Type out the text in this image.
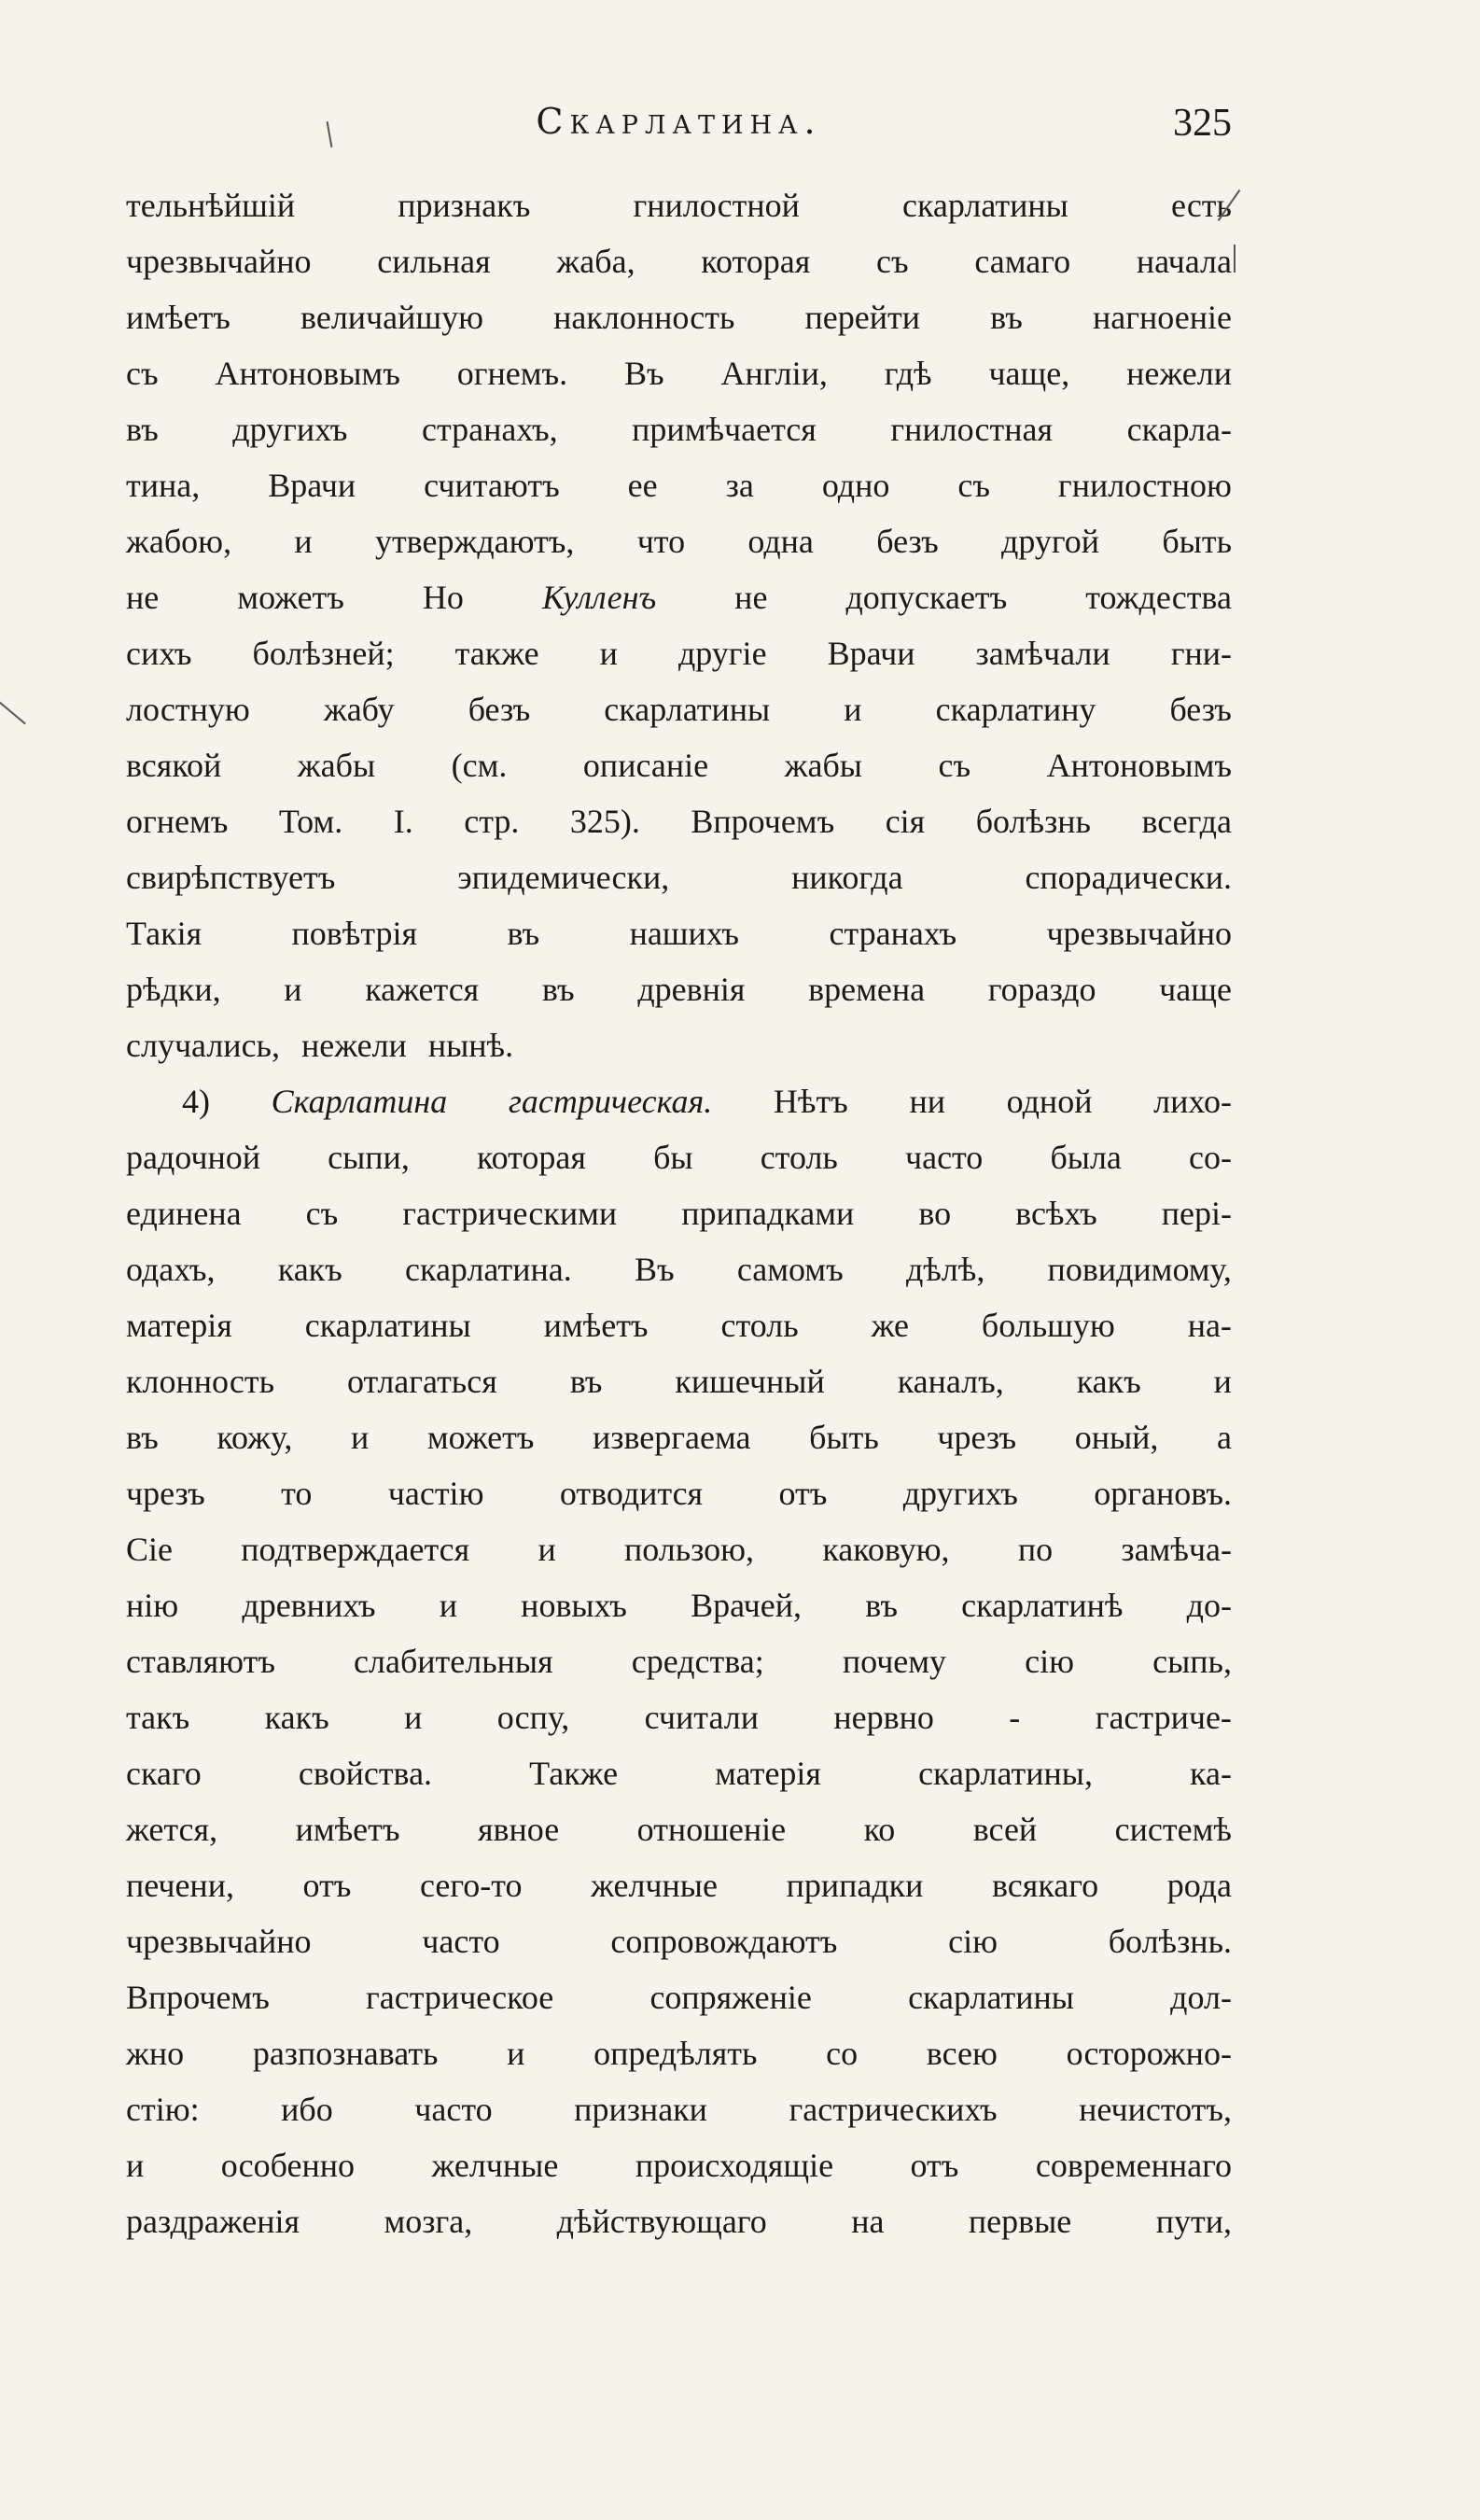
Скарлатина.	325
тельнѣйшій	признакъ	гнилостной	скарлатины	есть
чрезвычайно сильная жаба, которая съ самаго начала
имѣетъ величайшую наклонность перейти въ нагноеніе
съ Антоновымъ огнемъ. Въ Англіи, гдѣ чаще, нежели
въ другихъ странахъ, примѣчается гнилостная скарла-
тина, Врачи считаютъ ее за одно съ гнилостною
жабою, и утверждаютъ, что одна безъ другой быть
не можетъ Но Кулленъ не допускаетъ тождества
сихъ болѣзней; также и другіе Врачи замѣчали гни-
лостную жабу безъ скарлатины и скарлатину безъ
всякой жабы (см. описаніе жабы съ Антоновымъ
огнемъ Том. I. стр. 325). Впрочемъ сія болѣзнь всегда
свирѣпствуетъ	эпидемически,	никогда	спорадически.
Такія	повѣтрія	въ	нашихъ	странахъ	чрезвычайно
рѣдки, и кажется въ древнія времена гораздо чаще
случались, нежели нынѣ.
4) Скарлатина гастрическая. Нѣтъ ни одной лихо-
радочной сыпи, которая бы столь часто была со-
единена съ гастрическими припадками во всѣхъ пері-
одахъ, какъ скарлатина. Въ самомъ дѣлѣ, повидимому,
матерія скарлатины имѣетъ столь же большую на-
клонность отлагаться въ кишечный каналъ, какъ и
въ кожу, и можетъ извергаема быть чрезъ оный, а
чрезъ то частію отводится отъ другихъ органовъ.
Сіе подтверждается и пользою, каковую, по замѣча-
нію древнихъ и новыхъ Врачей, въ скарлатинѣ до-
ставляютъ слабительныя средства; почему сію сыпь,
такъ какъ и оспу, считали нервно - гастриче-
скаго	свойства.	Также	матерія	скарлатины,	ка-
жется, имѣетъ явное отношеніе ко всей системѣ
печени, отъ сего-то желчные припадки всякаго рода
чрезвычайно	часто	сопровождаютъ	сію	болѣзнь.
Впрочемъ	гастрическое	сопряженіе	скарлатины	дол-
жно разпознавать и опредѣлять со всею осторожно-
стію: ибо часто признаки гастрическихъ нечистотъ,
и особенно желчные происходящіе отъ современнаго
раздраженія	мозга,	дѣйствующаго	на	первые	пути,
